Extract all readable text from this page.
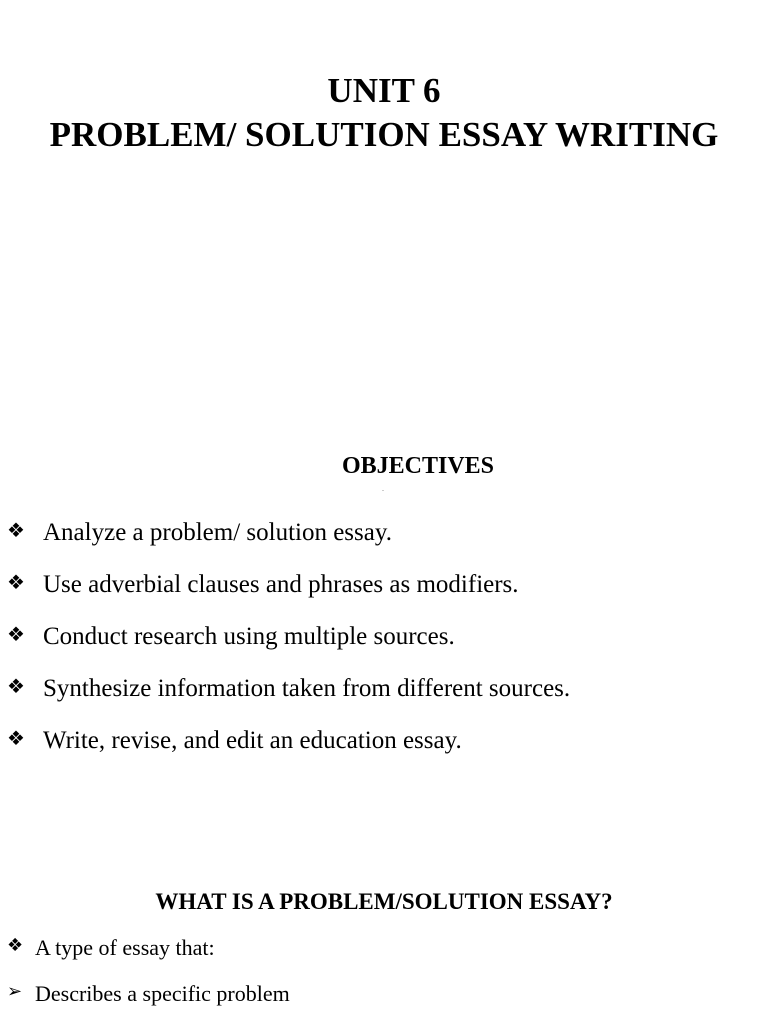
UNIT 6
PROBLEM/ SOLUTION ESSAY WRITING
OBJECTIVES
❖ Analyze a problem/ solution essay.
❖ Use adverbial clauses and phrases as modifiers.
❖ Conduct research using multiple sources.
❖ Synthesize information taken from different sources.
❖ Write, revise, and edit an education essay.
WHAT IS A PROBLEM/SOLUTION ESSAY?
❖ A type of essay that:
➢ Describes a specific problem
